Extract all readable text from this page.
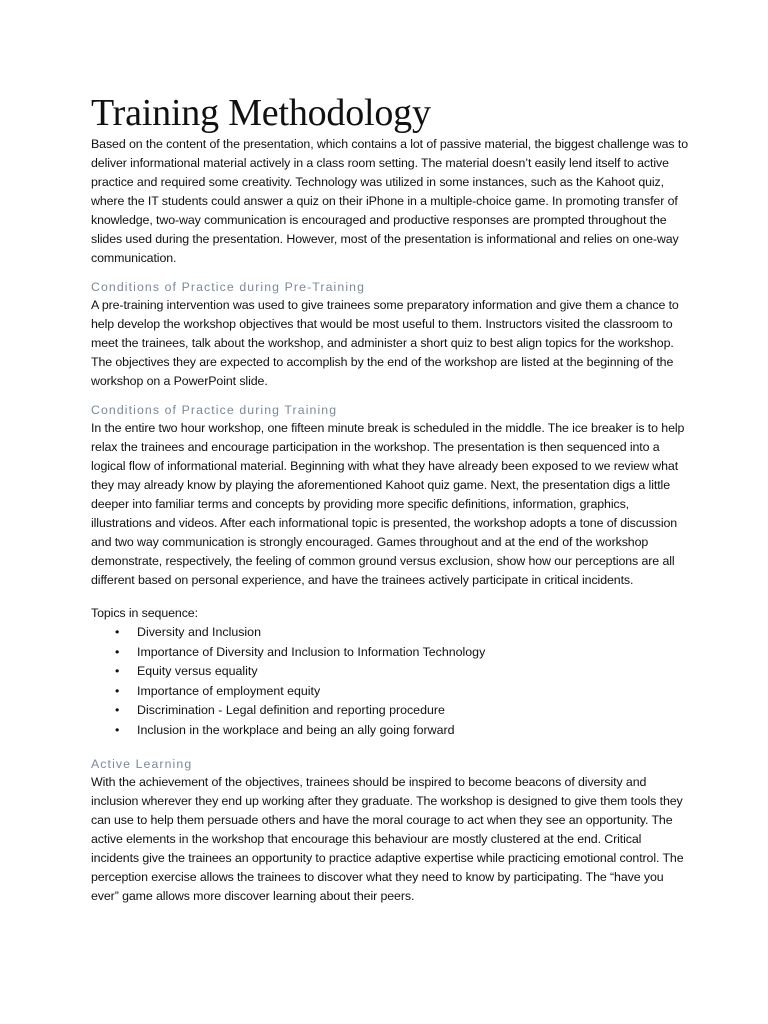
Training Methodology

Based on the content of the presentation, which contains a lot of passive material, the biggest challenge was to deliver informational material actively in a class room setting. The material doesn’t easily lend itself to active practice and required some creativity. Technology was utilized in some instances, such as the Kahoot quiz, where the IT students could answer a quiz on their iPhone in a multiple-choice game. In promoting transfer of knowledge, two-way communication is encouraged and productive responses are prompted throughout the slides used during the presentation. However, most of the presentation is informational and relies on one-way communication.

Conditions of Practice during Pre-Training

A pre-training intervention was used to give trainees some preparatory information and give them a chance to help develop the workshop objectives that would be most useful to them. Instructors visited the classroom to meet the trainees, talk about the workshop, and administer a short quiz to best align topics for the workshop. The objectives they are expected to accomplish by the end of the workshop are listed at the beginning of the workshop on a PowerPoint slide.

Conditions of Practice during Training

In the entire two hour workshop, one fifteen minute break is scheduled in the middle. The ice breaker is to help relax the trainees and encourage participation in the workshop. The presentation is then sequenced into a logical flow of informational material. Beginning with what they have already been exposed to we review what they may already know by playing the aforementioned Kahoot quiz game. Next, the presentation digs a little deeper into familiar terms and concepts by providing more specific definitions, information, graphics, illustrations and videos. After each informational topic is presented, the workshop adopts a tone of discussion and two way communication is strongly encouraged. Games throughout and at the end of the workshop demonstrate, respectively, the feeling of common ground versus exclusion, show how our perceptions are all different based on personal experience, and have the trainees actively participate in critical incidents.

Topics in sequence:

• Diversity and Inclusion
• Importance of Diversity and Inclusion to Information Technology
• Equity versus equality
• Importance of employment equity
• Discrimination - Legal definition and reporting procedure
• Inclusion in the workplace and being an ally going forward
Active Learning

With the achievement of the objectives, trainees should be inspired to become beacons of diversity and inclusion wherever they end up working after they graduate. The workshop is designed to give them tools they can use to help them persuade others and have the moral courage to act when they see an opportunity. The active elements in the workshop that encourage this behaviour are mostly clustered at the end. Critical incidents give the trainees an opportunity to practice adaptive expertise while practicing emotional control. The perception exercise allows the trainees to discover what they need to know by participating. The “have you ever” game allows more discover learning about their peers.
